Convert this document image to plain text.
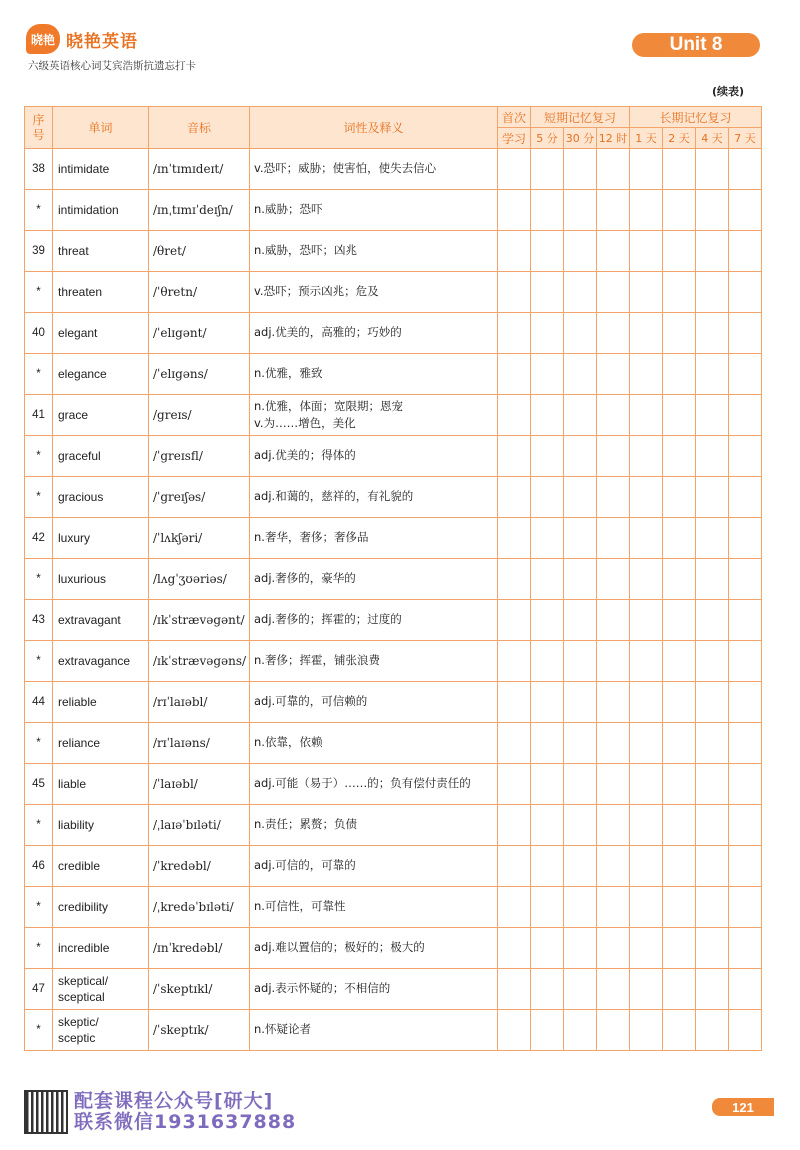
晓艳 晓艳英语
六级英语核心词艾宾浩斯抗遗忘打卡
Unit 8
(续表)
序号	单词	音标	词性及释义	首次	短期记忆复习			长期记忆复习			
				学习	5 分	30 分	12 时	1 天	2 天	4 天	7 天
38	intimidate	/ɪnˈtɪmɪdeɪt/	v.恐吓；威胁；使害怕，使失去信心								
*	intimidation	/ɪnˌtɪmɪˈdeɪʃn/	n.威胁；恐吓								
39	threat	/θret/	n.威胁，恐吓；凶兆								
*	threaten	/ˈθretn/	v.恐吓；预示凶兆；危及								
40	elegant	/ˈelɪgənt/	adj.优美的，高雅的；巧妙的								
*	elegance	/ˈelɪgəns/	n.优雅，雅致								
41	grace	/greɪs/	n.优雅，体面；宽限期；恩宠
v.为……增色，美化								
*	graceful	/ˈgreɪsfl/	adj.优美的；得体的								
*	gracious	/ˈgreɪʃəs/	adj.和蔼的，慈祥的，有礼貌的								
42	luxury	/ˈlʌkʃəri/	n.奢华，奢侈；奢侈品								
*	luxurious	/lʌgˈʒʊəriəs/	adj.奢侈的，豪华的								
43	extravagant	/ɪkˈstrævəgənt/	adj.奢侈的；挥霍的；过度的								
*	extravagance	/ɪkˈstrævəgəns/	n.奢侈；挥霍，铺张浪费								
44	reliable	/rɪˈlaɪəbl/	adj.可靠的，可信赖的								
*	reliance	/rɪˈlaɪəns/	n.依靠，依赖								
45	liable	/ˈlaɪəbl/	adj.可能（易于）……的；负有偿付责任的								
*	liability	/ˌlaɪəˈbɪləti/	n.责任；累赘；负债								
46	credible	/ˈkredəbl/	adj.可信的，可靠的								
*	credibility	/ˌkredəˈbɪləti/	n.可信性，可靠性								
*	incredible	/ɪnˈkredəbl/	adj.难以置信的；极好的；极大的								
47	skeptical/
sceptical	/ˈskeptɪkl/	adj.表示怀疑的；不相信的								
*	skeptic/
sceptic	/ˈskeptɪk/	n.怀疑论者								
配套课程公众号[研大]
联系微信1931637888
121
